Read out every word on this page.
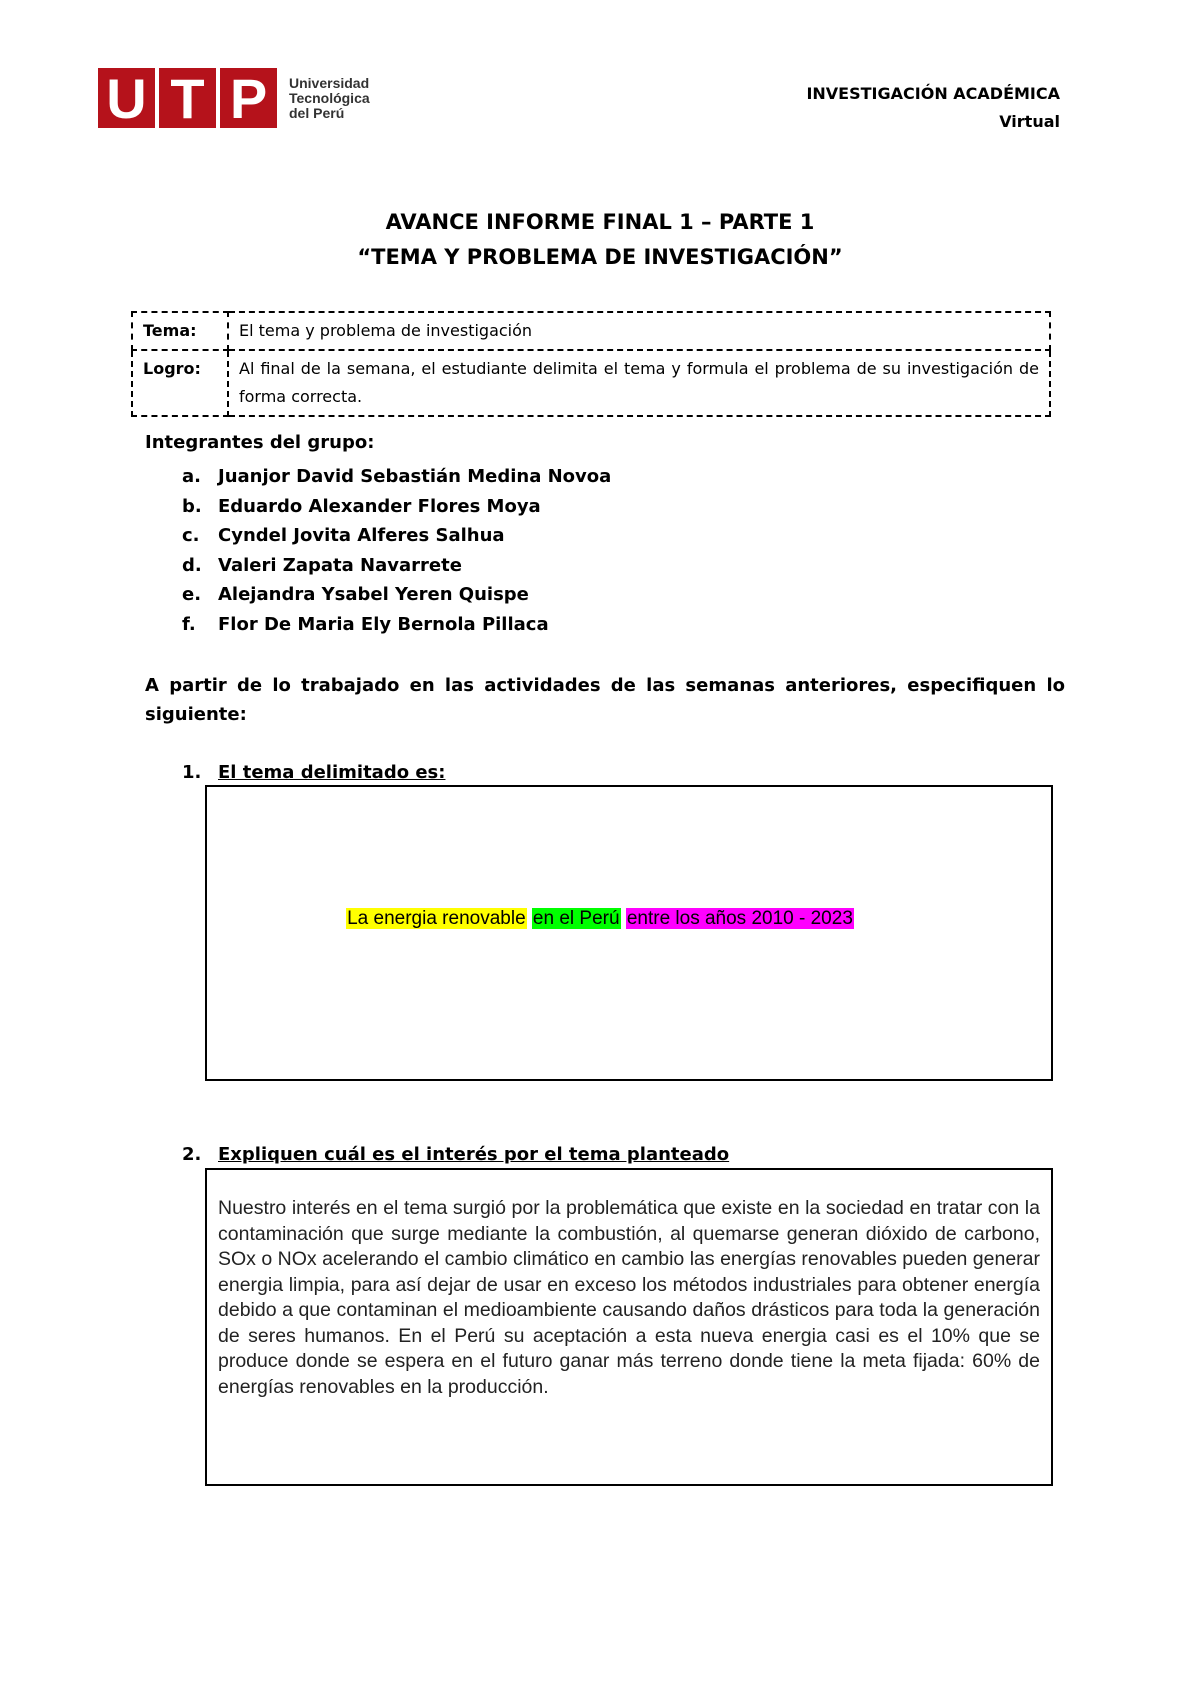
U T P	Universidad
Tecnológica
del Perú
INVESTIGACIÓN ACADÉMICA
Virtual
AVANCE INFORME FINAL 1 – PARTE 1
“TEMA Y PROBLEMA DE INVESTIGACIÓN”
Tema:	El tema y problema de investigación
Logro:	Al final de la semana, el estudiante delimita el tema y formula el problema de su investigación de forma correcta.
Integrantes del grupo:
a. Juanjor David Sebastián Medina Novoa
b. Eduardo Alexander Flores Moya
c.	Cyndel Jovita Alferes Salhua
d. Valeri Zapata Navarrete
e. Alejandra Ysabel Yeren Quispe
f.	Flor De Maria Ely Bernola Pillaca
A partir de lo trabajado en las actividades de las semanas anteriores, especifiquen lo siguiente:
1. El tema delimitado es:
La energia renovable en el Perú entre los años 2010 - 2023
2. Expliquen cuál es el interés por el tema planteado
Nuestro interés en el tema surgió por la problemática que existe en la sociedad en tratar con la contaminación que surge mediante la combustión, al quemarse generan dióxido de carbono, SOx o NOx acelerando el cambio climático en cambio las energías renovables pueden generar energia limpia, para así dejar de usar en exceso los métodos industriales para obtener energía debido a que contaminan el medioambiente causando daños drásticos para toda la generación de seres humanos. En el Perú su aceptación a esta nueva energia casi es el 10% que se produce donde se espera en el futuro ganar más terreno donde tiene la meta fijada: 60% de energías renovables en la producción.
